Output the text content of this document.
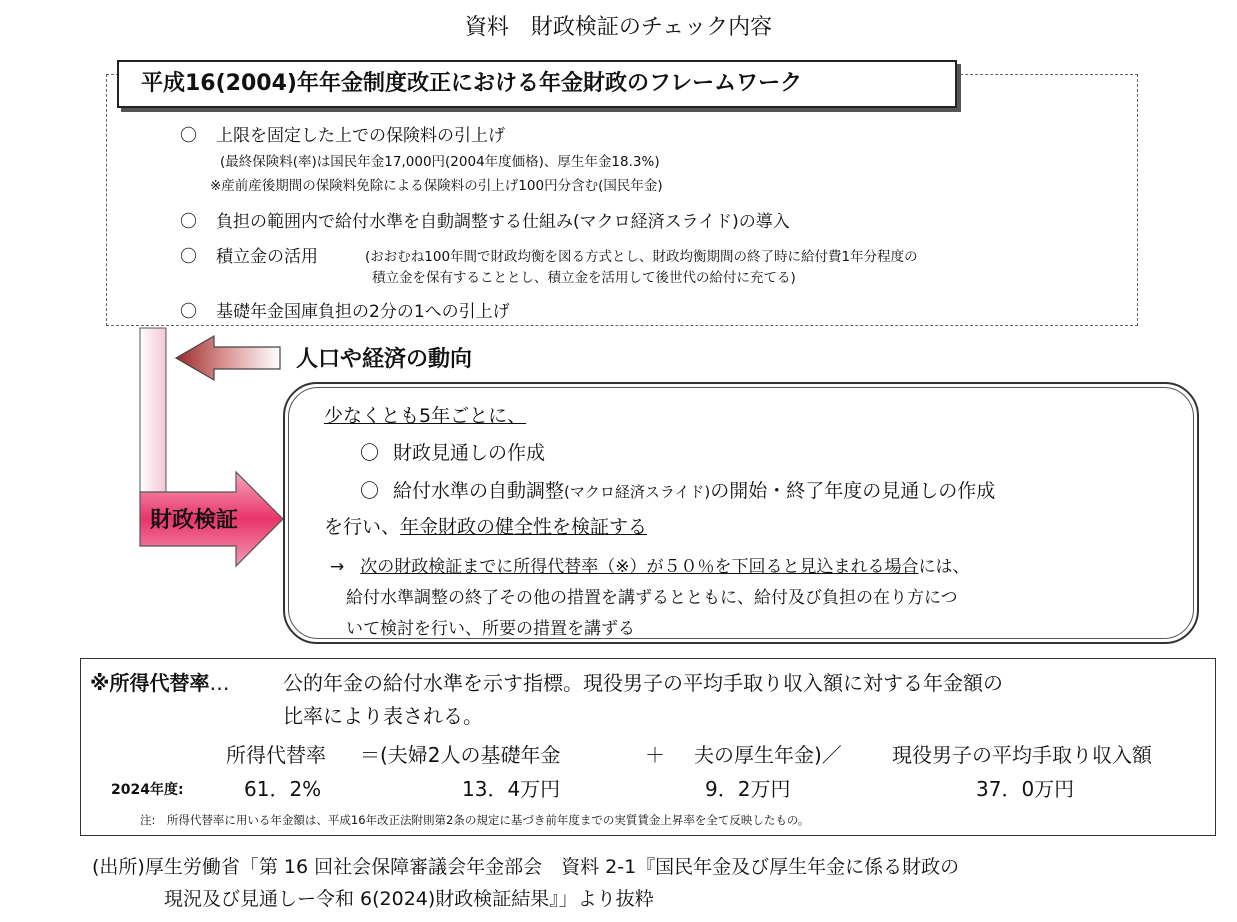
資料　財政検証のチェック内容
平成16(2004)年年金制度改正における年金財政のフレームワーク
〇 上限を固定した上での保険料の引上げ
(最終保険料(率)は国民年金17,000円(2004年度価格)、厚生年金18.3%)
※産前産後期間の保険料免除による保険料の引上げ100円分含む(国民年金)
〇 負担の範囲内で給付水準を自動調整する仕組み(マクロ経済スライド)の導入
〇 積立金の活用	(おおむね100年間で財政均衡を図る方式とし、財政均衡期間の終了時に給付費1年分程度の
積立金を保有することとし、積立金を活用して後世代の給付に充てる)
〇 基礎年金国庫負担の2分の1への引上げ
人口や経済の動向
財政検証
少なくとも5年ごとに、
〇 財政見通しの作成
〇 給付水準の自動調整(マクロ経済スライド)の開始・終了年度の見通しの作成
を行い、年金財政の健全性を検証する
→ 次の財政検証までに所得代替率（※）が５０％を下回ると見込まれる場合には、
給付水準調整の終了その他の措置を講ずるとともに、給付及び負担の在り方につ
いて検討を行い、所要の措置を講ずる
※所得代替率…	公的年金の給付水準を示す指標。現役男子の平均手取り収入額に対する年金額の
比率により表される。
所得代替率 ＝(夫婦2人の基礎年金	＋ 夫の厚生年金)／	現役男子の平均手取り収入額
2024年度:	61．2%	13．4万円	9．2万円	37．0万円
注:　所得代替率に用いる年金額は、平成16年改正法附則第2条の規定に基づき前年度までの実質賃金上昇率を全て反映したもの。
(出所)厚生労働省「第 16 回社会保障審議会年金部会　資料 2-1『国民年金及び厚生年金に係る財政の
現況及び見通しー令和 6(2024)財政検証結果』」より抜粋
